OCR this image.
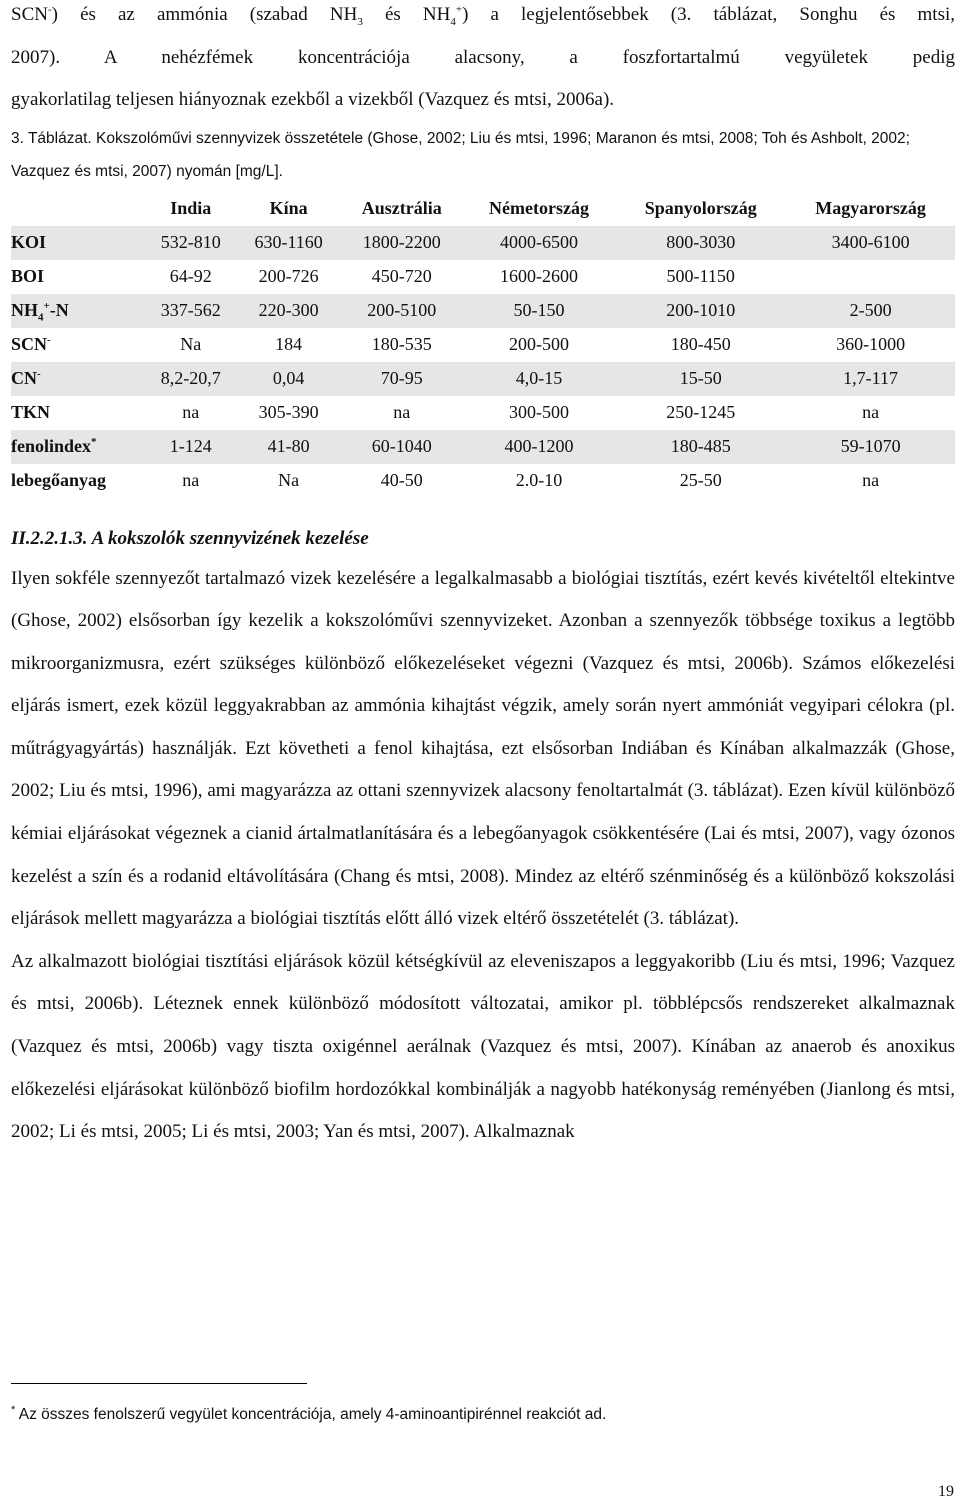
SCN-) és az ammónia (szabad $NH_3$ és $NH_4^+$) a legjelentősebbek (3. táblázat, Songhu és mtsi,

2007). A nehézfémek koncentrációja alacsony, a foszfortartalmú vegyületek pedig

gyakorlatilag teljesen hiányoznak ezekből a vizekből (Vazquez és mtsi, 2006a).

3. Táblázat. Kokszolóművi szennyvizek összetétele (Ghose, 2002; Liu és mtsi, 1996; Maranon és mtsi, 2008; Toh és Ashbolt, 2002; Vazquez és mtsi, 2007) nyomán [mg/L].

	India	Kína	Ausztrália	Németország	Spanyolország	Magyarország
KOI	532-810	630-1160	1800-2200	4000-6500	800-3030	3400-6100
BOI	64-92	200-726	450-720	1600-2600	500-1150	
$NH_4^+-N$	337-562	220-300	200-5100	50-150	200-1010	2-500
SCN-	Na	184	180-535	200-500	180-450	360-1000
CN-	8,2-20,7	0,04	70-95	4,0-15	15-50	1,7-117
TKN	na	305-390	na	300-500	250-1245	na
fenolindex*	1-124	41-80	60-1040	400-1200	180-485	59-1070
lebegőanyag	na	Na	40-50	2.0-10	25-50	na

II.2.2.1.3. A kokszolók szennyvizének kezelése

Ilyen sokféle szennyezőt tartalmazó vizek kezelésére a legalkalmasabb a biológiai tisztítás, ezért kevés kivételtől eltekintve (Ghose, 2002) elsősorban így kezelik a kokszolóművi szennyvizeket. Azonban a szennyezők többsége toxikus a legtöbb mikroorganizmusra, ezért szükséges különböző előkezeléseket végezni (Vazquez és mtsi, 2006b). Számos előkezelési eljárás ismert, ezek közül leggyakrabban az ammónia kihajtást végzik, amely során nyert ammóniát vegyipari célokra (pl. műtrágyagyártás) használják. Ezt követheti a fenol kihajtása, ezt elsősorban Indiában és Kínában alkalmazzák (Ghose, 2002; Liu és mtsi, 1996), ami magyarázza az ottani szennyvizek alacsony fenoltartalmát (3. táblázat). Ezen kívül különböző kémiai eljárásokat végeznek a cianid ártalmatlanítására és a lebegőanyagok csökkentésére (Lai és mtsi, 2007), vagy ózonos kezelést a szín és a rodanid eltávolítására (Chang és mtsi, 2008). Mindez az eltérő szénminőség és a különböző kokszolási eljárások mellett magyarázza a biológiai tisztítás előtt álló vizek eltérő összetételét (3. táblázat).

Az alkalmazott biológiai tisztítási eljárások közül kétségkívül az eleveniszapos a leggyakoribb (Liu és mtsi, 1996; Vazquez és mtsi, 2006b). Léteznek ennek különböző módosított változatai, amikor pl. többlépcsős rendszereket alkalmaznak (Vazquez és mtsi, 2006b) vagy tiszta oxigénnel aerálnak (Vazquez és mtsi, 2007). Kínában az anaerob és anoxikus előkezelési eljárásokat különböző biofilm hordozókkal kombinálják a nagyobb hatékonyság reményében (Jianlong és mtsi, 2002; Li és mtsi, 2005; Li és mtsi, 2003; Yan és mtsi, 2007). Alkalmaznak

* Az összes fenolszerű vegyület koncentrációja, amely 4-aminoantipirénnel reakciót ad.
19
